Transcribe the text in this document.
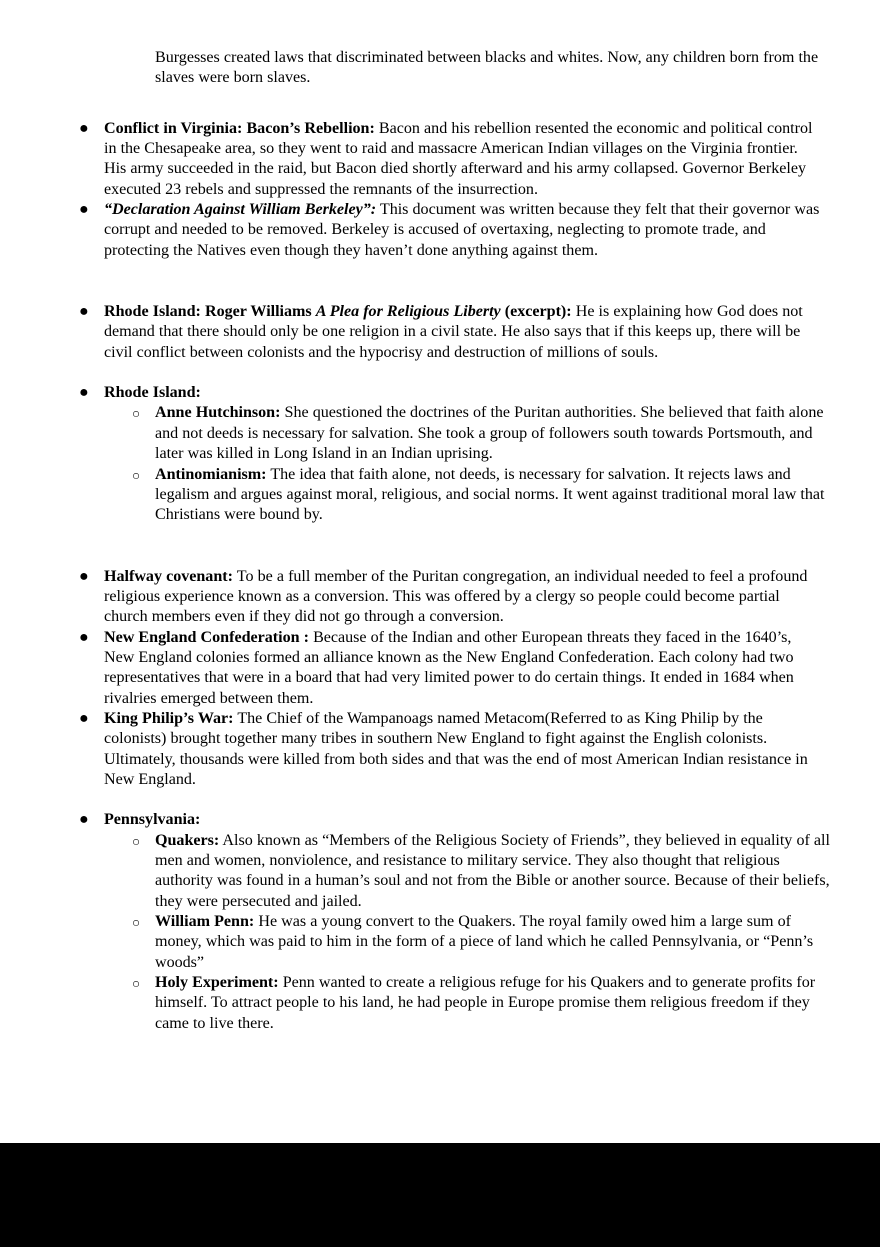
Burgesses created laws that discriminated between blacks and whites. Now, any children born from the slaves were born slaves.

● Conflict in Virginia: Bacon’s Rebellion: Bacon and his rebellion resented the economic and political control in the Chesapeake area, so they went to raid and massacre American Indian villages on the Virginia frontier. His army succeeded in the raid, but Bacon died shortly afterward and his army collapsed. Governor Berkeley executed 23 rebels and suppressed the remnants of the insurrection.
● “Declaration Against William Berkeley”: This document was written because they felt that their governor was corrupt and needed to be removed. Berkeley is accused of overtaxing, neglecting to promote trade, and protecting the Natives even though they haven’t done anything against them.
● Rhode Island: Roger Williams A Plea for Religious Liberty (excerpt): He is explaining how God does not demand that there should only be one religion in a civil state. He also says that if this keeps up, there will be civil conflict between colonists and the hypocrisy and destruction of millions of souls.
● Rhode Island:
○ Anne Hutchinson: She questioned the doctrines of the Puritan authorities. She believed that faith alone and not deeds is necessary for salvation. She took a group of followers south towards Portsmouth, and later was killed in Long Island in an Indian uprising.
○ Antinomianism: The idea that faith alone, not deeds, is necessary for salvation. It rejects laws and legalism and argues against moral, religious, and social norms. It went against traditional moral law that Christians were bound by.
● Halfway covenant: To be a full member of the Puritan congregation, an individual needed to feel a profound religious experience known as a conversion. This was offered by a clergy so people could become partial church members even if they did not go through a conversion.
● New England Confederation : Because of the Indian and other European threats they faced in the 1640’s, New England colonies formed an alliance known as the New England Confederation. Each colony had two representatives that were in a board that had very limited power to do certain things. It ended in 1684 when rivalries emerged between them.
● King Philip’s War: The Chief of the Wampanoags named Metacom(Referred to as King Philip by the colonists) brought together many tribes in southern New England to fight against the English colonists. Ultimately, thousands were killed from both sides and that was the end of most American Indian resistance in New England.
● Pennsylvania:
○ Quakers: Also known as “Members of the Religious Society of Friends”, they believed in equality of all men and women, nonviolence, and resistance to military service. They also thought that religious authority was found in a human’s soul and not from the Bible or another source. Because of their beliefs, they were persecuted and jailed.
○ William Penn: He was a young convert to the Quakers. The royal family owed him a large sum of money, which was paid to him in the form of a piece of land which he called Pennsylvania, or “Penn’s woods”
○ Holy Experiment: Penn wanted to create a religious refuge for his Quakers and to generate profits for himself. To attract people to his land, he had people in Europe promise them religious freedom if they came to live there.
